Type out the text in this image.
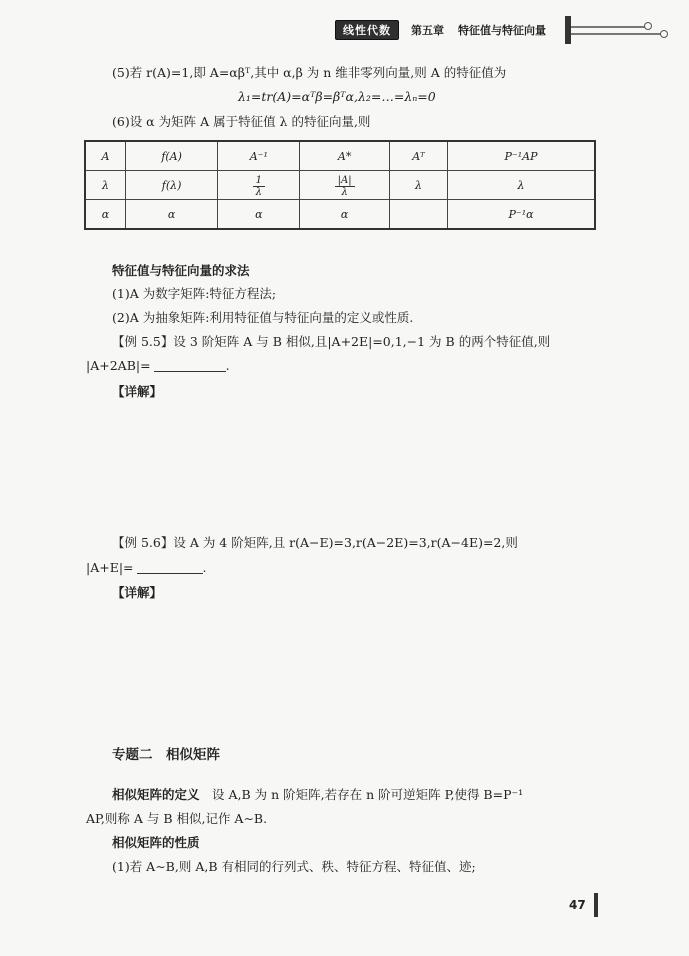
线性代数	第五章 特征值与特征向量
(5)若 r(A)=1,即 A=αβᵀ,其中 α,β 为 n 维非零列向量,则 A 的特征值为
λ₁=tr(A)=αᵀβ=βᵀα,λ₂=…=λₙ=0
(6)设 α 为矩阵 A 属于特征值 λ 的特征向量,则
A	f(A)	A⁻¹	A*	Aᵀ	P⁻¹AP
λ	f(λ)	$\frac{1}{\lambda}$	$\frac{|A|}{\lambda}$	λ	λ
α	α	α	α		P⁻¹α
特征值与特征向量的求法
(1)A 为数字矩阵:特征方程法;
(2)A 为抽象矩阵:利用特征值与特征向量的定义或性质.
【例 5.5】设 3 阶矩阵 A 与 B 相似,且|A+2E|=0,1,−1 为 B 的两个特征值,则
|A+2AB|=	.
【详解】
【例 5.6】设 A 为 4 阶矩阵,且 r(A−E)=3,r(A−2E)=3,r(A−4E)=2,则
|A+E|=	.
【详解】
专题二　相似矩阵
相似矩阵的定义　设 A,B 为 n 阶矩阵,若存在 n 阶可逆矩阵 P,使得 B=P⁻¹
AP,则称 A 与 B 相似,记作 A∼B.
相似矩阵的性质
(1)若 A∼B,则 A,B 有相同的行列式、秩、特征方程、特征值、迹;
47
